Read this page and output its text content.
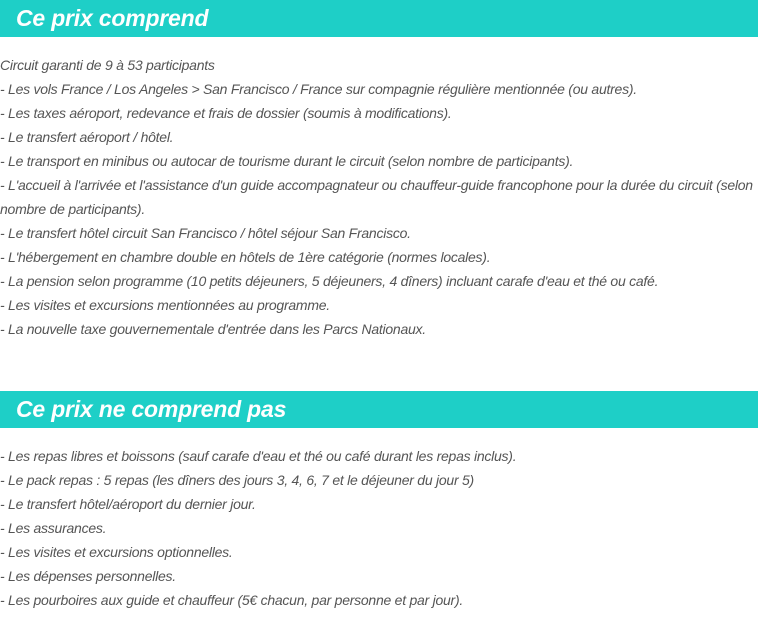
Ce prix comprend
Circuit garanti de 9 à 53 participants
- Les vols France / Los Angeles > San Francisco / France sur compagnie régulière mentionnée (ou autres).
- Les taxes aéroport, redevance et frais de dossier (soumis à modifications).
- Le transfert aéroport / hôtel.
- Le transport en minibus ou autocar de tourisme durant le circuit (selon nombre de participants).
- L'accueil à l'arrivée et l'assistance d'un guide accompagnateur ou chauffeur-guide francophone pour la durée du circuit (selon nombre de participants).
- Le transfert hôtel circuit San Francisco / hôtel séjour San Francisco.
- L'hébergement en chambre double en hôtels de 1ère catégorie (normes locales).
- La pension selon programme (10 petits déjeuners, 5 déjeuners, 4 dîners) incluant carafe d'eau et thé ou café.
- Les visites et excursions mentionnées au programme.
- La nouvelle taxe gouvernementale d'entrée dans les Parcs Nationaux.
Ce prix ne comprend pas
- Les repas libres et boissons (sauf carafe d'eau et thé ou café durant les repas inclus).
- Le pack repas : 5 repas (les dîners des jours 3, 4, 6, 7 et le déjeuner du jour 5)
- Le transfert hôtel/aéroport du dernier jour.
- Les assurances.
- Les visites et excursions optionnelles.
- Les dépenses personnelles.
- Les pourboires aux guide et chauffeur (5€ chacun, par personne et par jour).
